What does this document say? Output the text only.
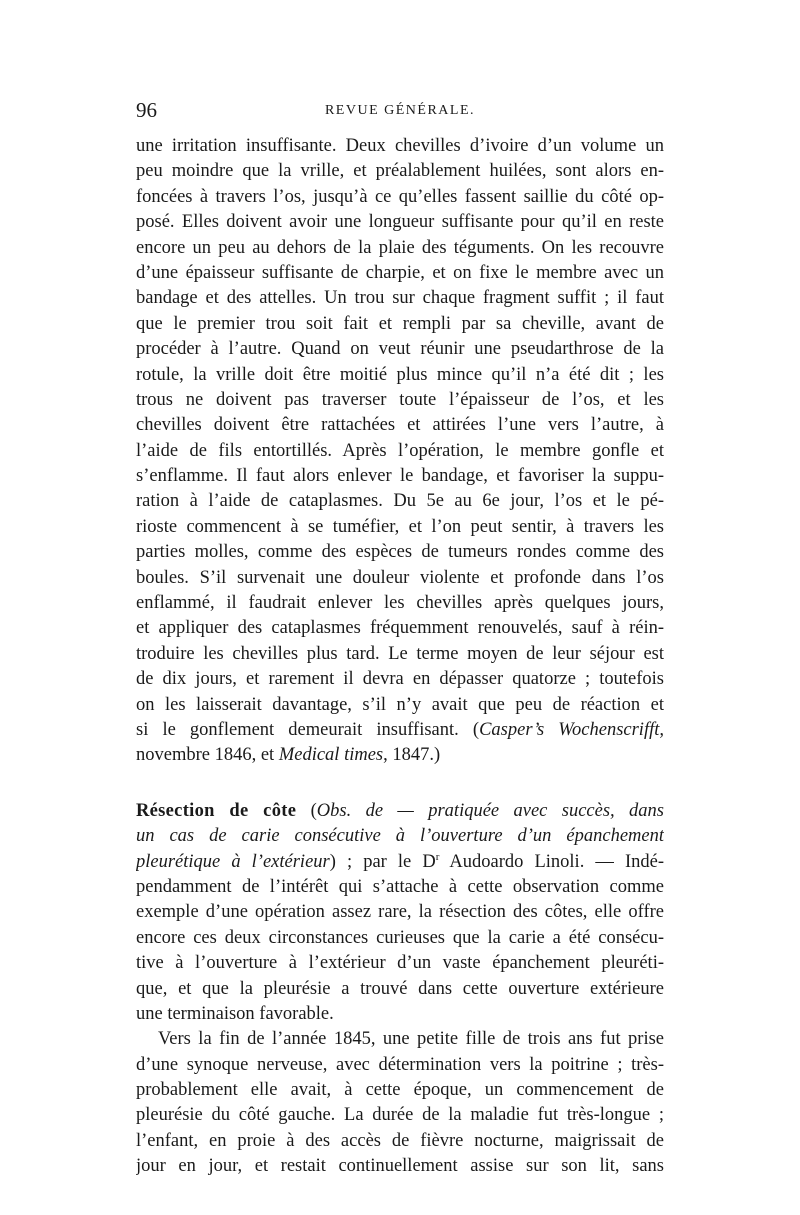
96	REVUE GÉNÉRALE.
une irritation insuffisante. Deux chevilles d’ivoire d’un volume un
peu moindre que la vrille, et préalablement huilées, sont alors en-
foncées à travers l’os, jusqu’à ce qu’elles fassent saillie du côté op-
posé. Elles doivent avoir une longueur suffisante pour qu’il en reste
encore un peu au dehors de la plaie des téguments. On les recouvre
d’une épaisseur suffisante de charpie, et on fixe le membre avec un
bandage et des attelles. Un trou sur chaque fragment suffit ; il faut
que le premier trou soit fait et rempli par sa cheville, avant de
procéder à l’autre. Quand on veut réunir une pseudarthrose de la
rotule, la vrille doit être moitié plus mince qu’il n’a été dit ; les
trous ne doivent pas traverser toute l’épaisseur de l’os, et les
chevilles doivent être rattachées et attirées l’une vers l’autre, à
l’aide de fils entortillés. Après l’opération, le membre gonfle et
s’enflamme. Il faut alors enlever le bandage, et favoriser la suppu-
ration à l’aide de cataplasmes. Du 5e au 6e jour, l’os et le pé-
rioste commencent à se tuméfier, et l’on peut sentir, à travers les
parties molles, comme des espèces de tumeurs rondes comme des
boules. S’il survenait une douleur violente et profonde dans l’os
enflammé, il faudrait enlever les chevilles après quelques jours,
et appliquer des cataplasmes fréquemment renouvelés, sauf à réin-
troduire les chevilles plus tard. Le terme moyen de leur séjour est
de dix jours, et rarement il devra en dépasser quatorze ; toutefois
on les laisserait davantage, s’il n’y avait que peu de réaction et
si le gonflement demeurait insuffisant. (Casper’s Wochenscrifft,
novembre 1846, et Medical times, 1847.)
Résection de côte (Obs. de — pratiquée avec succès, dans
un cas de carie consécutive à l’ouverture d’un épanchement
pleurétique à l’extérieur) ; par le $D^r$ Audoardo Linoli. — Indé-
pendamment de l’intérêt qui s’attache à cette observation comme
exemple d’une opération assez rare, la résection des côtes, elle offre
encore ces deux circonstances curieuses que la carie a été consécu-
tive à l’ouverture à l’extérieur d’un vaste épanchement pleuréti-
que, et que la pleurésie a trouvé dans cette ouverture extérieure
une terminaison favorable.
Vers la fin de l’année 1845, une petite fille de trois ans fut prise
d’une synoque nerveuse, avec détermination vers la poitrine ; très-
probablement elle avait, à cette époque, un commencement de
pleurésie du côté gauche. La durée de la maladie fut très-longue ;
l’enfant, en proie à des accès de fièvre nocturne, maigrissait de
jour en jour, et restait continuellement assise sur son lit, sans
